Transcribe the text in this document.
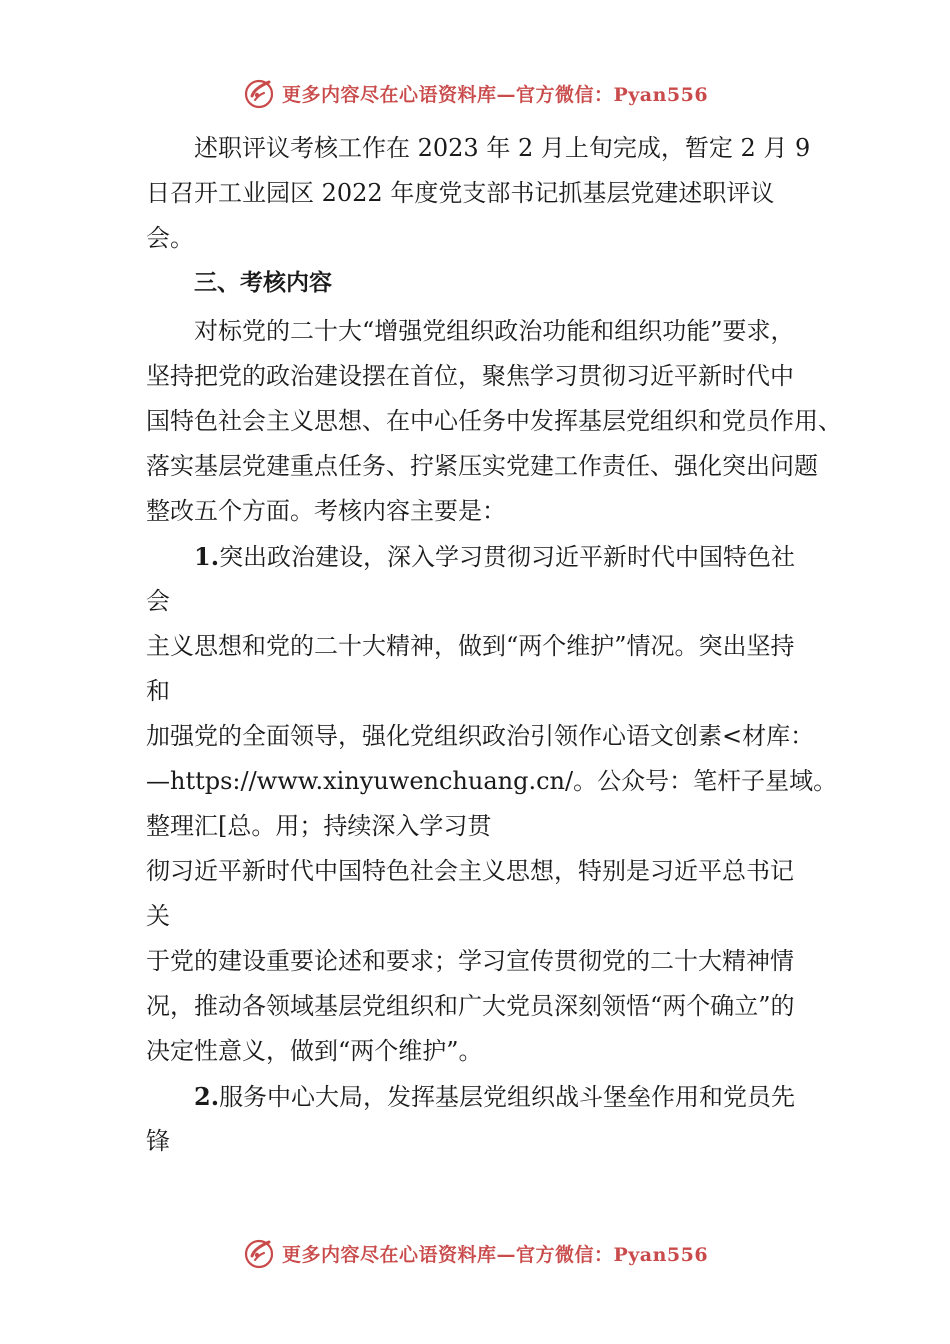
更多内容尽在心语资料库—官方微信：Pyan556
述职评议考核工作在 2023 年 2 月上旬完成，暂定 2 月 9
日召开工业园区 2022 年度党支部书记抓基层党建述职评议
会。
三、考核内容
对标党的二十大“增强党组织政治功能和组织功能”要求，
坚持把党的政治建设摆在首位，聚焦学习贯彻习近平新时代中
国特色社会主义思想、在中心任务中发挥基层党组织和党员作用、
落实基层党建重点任务、拧紧压实党建工作责任、强化突出问题
整改五个方面。考核内容主要是：
1.突出政治建设，深入学习贯彻习近平新时代中国特色社
会
主义思想和党的二十大精神，做到“两个维护”情况。突出坚持
和
加强党的全面领导，强化党组织政治引领作心语文创素<材库：
—https://www.xinyuwenchuang.cn/。公众号：笔杆子星域。
整理汇[总。用；持续深入学习贯
彻习近平新时代中国特色社会主义思想，特别是习近平总书记
关
于党的建设重要论述和要求；学习宣传贯彻党的二十大精神情
况，推动各领域基层党组织和广大党员深刻领悟“两个确立”的
决定性意义，做到“两个维护”。
2.服务中心大局，发挥基层党组织战斗堡垒作用和党员先
锋
更多内容尽在心语资料库—官方微信：Pyan556
